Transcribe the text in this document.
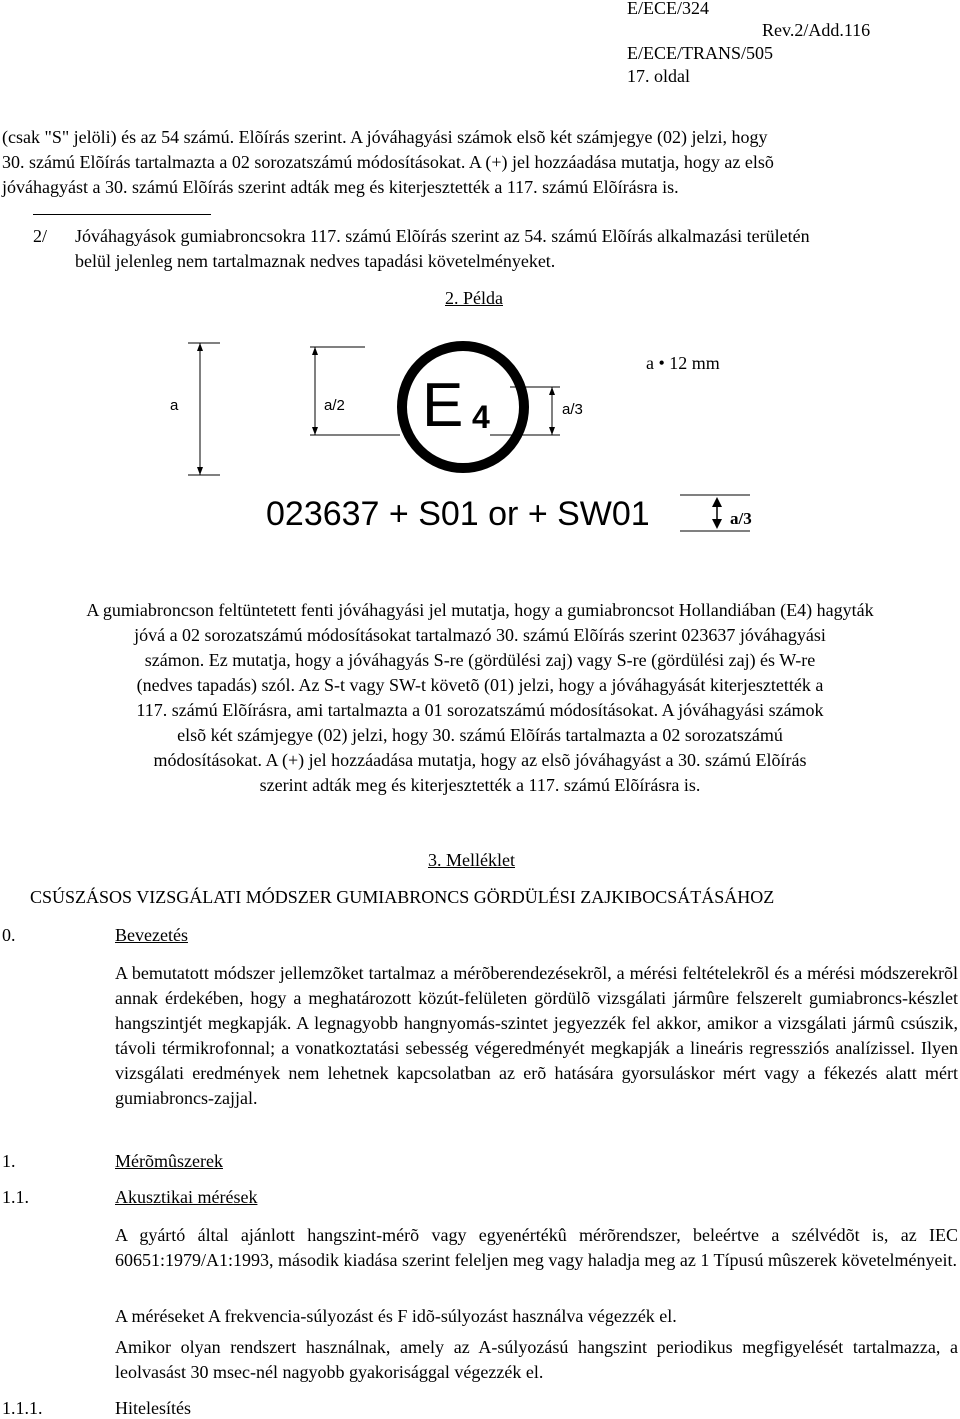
E/ECE/324
Rev.2/Add.116
E/ECE/TRANS/505
17. oldal
(csak "S" jelöli) és az 54 számú. Elõírás szerint. A jóváhagyási számok elsõ két számjegye (02) jelzi, hogy
30. számú Elõírás tartalmazta a 02 sorozatszámú módosításokat. A (+) jel hozzáadása mutatja, hogy az elsõ
jóváhagyást a 30. számú Elõírás szerint adták meg és kiterjesztették a 117. számú Elõírásra is.
2/ Jóváhagyások gumiabroncsokra 117. számú Elõírás szerint az 54. számú Elõírás alkalmazási területén
belül jelenleg nem tartalmaznak nedves tapadási követelményeket.
2. Példa
a	a/2	a/3
E 4
a • 12 mm
023637 + S01 or + SW01	a/3
A gumiabroncson feltüntetett fenti jóváhagyási jel mutatja, hogy a gumiabroncsot Hollandiában (E4) hagyták
jóvá a 02 sorozatszámú módosításokat tartalmazó 30. számú Elõírás szerint 023637 jóváhagyási
számon. Ez mutatja, hogy a jóváhagyás S-re (gördülési zaj) vagy S-re (gördülési zaj) és W-re
(nedves tapadás) szól. Az S-t vagy SW-t követõ (01) jelzi, hogy a jóváhagyását kiterjesztették a
117. számú Elõírásra, ami tartalmazta a 01 sorozatszámú módosításokat. A jóváhagyási számok
elsõ két számjegye (02) jelzi, hogy 30. számú Elõírás tartalmazta a 02 sorozatszámú
módosításokat. A (+) jel hozzáadása mutatja, hogy az elsõ jóváhagyást a 30. számú Elõírás
szerint adták meg és kiterjesztették a 117. számú Elõírásra is.
3. Melléklet
CSÚSZÁSOS VIZSGÁLATI MÓDSZER GUMIABRONCS GÖRDÜLÉSI ZAJKIBOCSÁTÁSÁHOZ
0.	Bevezetés
A bemutatott módszer jellemzõket tartalmaz a mérõberendezésekrõl, a mérési feltételekrõl és a mérési módszerekrõl annak érdekében, hogy a meghatározott közút-felületen gördülõ vizsgálati jármûre felszerelt gumiabroncs-készlet hangszintjét megkapják. A legnagyobb hangnyomás-szintet jegyezzék fel akkor, amikor a vizsgálati jármû csúszik, távoli térmikrofonnal; a vonatkoztatási sebesség végeredményét megkapják a lineáris regressziós analízissel. Ilyen vizsgálati eredmények nem lehetnek kapcsolatban az erõ hatására gyorsuláskor mért vagy a fékezés alatt mért gumiabroncs-zajjal.
1.	Mérõmûszerek
1.1.	Akusztikai mérések
A gyártó által ajánlott hangszint-mérõ vagy egyenértékû mérõrendszer, beleértve a szélvédõt is, az IEC 60651:1979/A1:1993, második kiadása szerint feleljen meg vagy haladja meg az 1 Típusú mûszerek követelményeit.
A méréseket A frekvencia-súlyozást és F idõ-súlyozást használva végezzék el.
Amikor olyan rendszert használnak, amely az A-súlyozású hangszint periodikus megfigyelését tartalmazza, a leolvasást 30 msec-nél nagyobb gyakorisággal végezzék el.
1.1.1.	Hitelesítés
